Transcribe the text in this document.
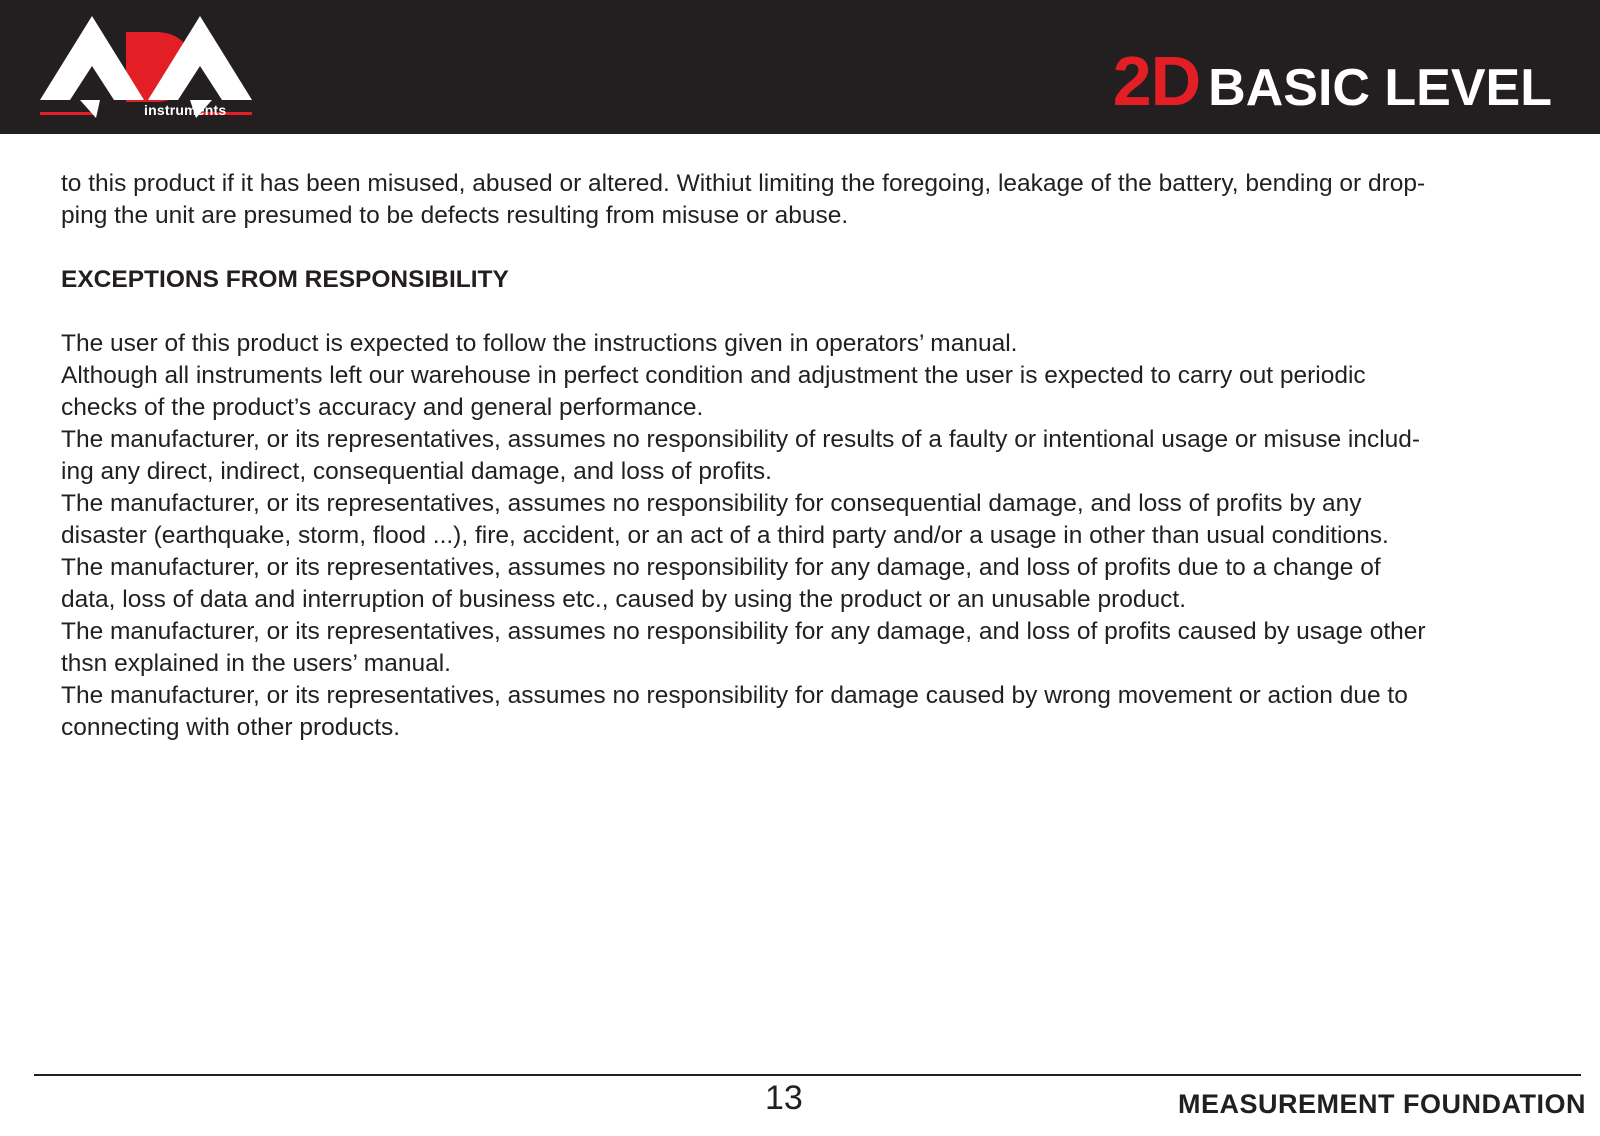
instruments	2D BASIC LEVEL

to this product if it has been misused, abused or altered. Withiut limiting the foregoing, leakage of the battery, bending or drop-
ping the unit are presumed to be defects resulting from misuse or abuse.

EXCEPTIONS FROM RESPONSIBILITY

The user of this product is expected to follow the instructions given in operators’ manual.
Although all instruments left our warehouse in perfect condition and adjustment the user is expected to carry out periodic
checks of the product’s accuracy and general performance.
The manufacturer, or its representatives, assumes no responsibility of results of a faulty or intentional usage or misuse includ-
ing any direct, indirect, consequential damage, and loss of profits.
The manufacturer, or its representatives, assumes no responsibility for consequential damage, and loss of profits by any
disaster (earthquake, storm, flood ...), fire, accident, or an act of a third party and/or a usage in other than usual conditions.
The manufacturer, or its representatives, assumes no responsibility for any damage, and loss of profits due to a change of
data, loss of data and interruption of business etc., caused by using the product or an unusable product.
The manufacturer, or its representatives, assumes no responsibility for any damage, and loss of profits caused by usage other
thsn explained in the users’ manual.
The manufacturer, or its representatives, assumes no responsibility for damage caused by wrong movement or action due to
connecting with other products.

13	MEASUREMENT FOUNDATION
